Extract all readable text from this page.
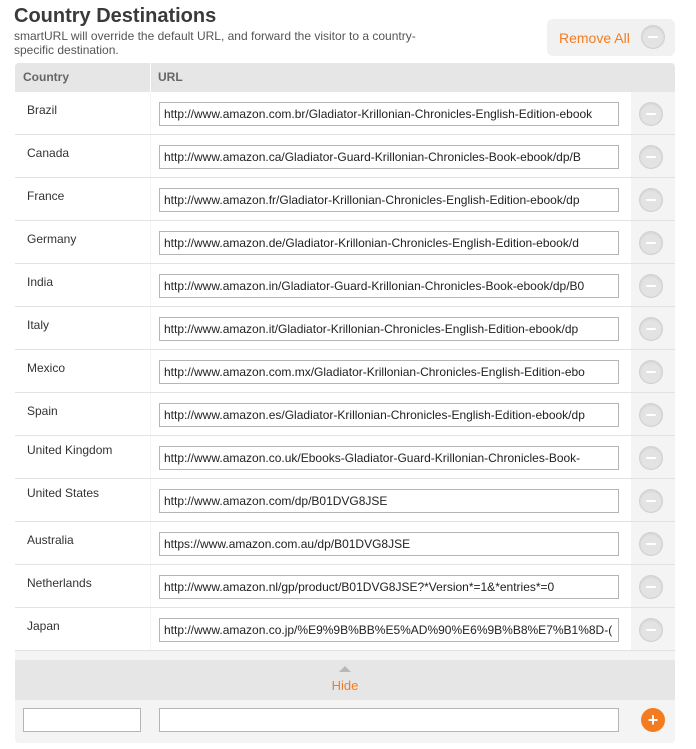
Country Destinations
smartURL will override the default URL, and forward the visitor to a country-specific destination.
Remove All
Country	URL
Brazil
http://www.amazon.com.br/Gladiator-Krillonian-Chronicles-English-Edition-ebook
Canada
http://www.amazon.ca/Gladiator-Guard-Krillonian-Chronicles-Book-ebook/dp/B
France
http://www.amazon.fr/Gladiator-Krillonian-Chronicles-English-Edition-ebook/dp
Germany
http://www.amazon.de/Gladiator-Krillonian-Chronicles-English-Edition-ebook/d
India
http://www.amazon.in/Gladiator-Guard-Krillonian-Chronicles-Book-ebook/dp/B0
Italy
http://www.amazon.it/Gladiator-Krillonian-Chronicles-English-Edition-ebook/dp
Mexico
http://www.amazon.com.mx/Gladiator-Krillonian-Chronicles-English-Edition-ebo
Spain
http://www.amazon.es/Gladiator-Krillonian-Chronicles-English-Edition-ebook/dp
United Kingdom
http://www.amazon.co.uk/Ebooks-Gladiator-Guard-Krillonian-Chronicles-Book-
United States
http://www.amazon.com/dp/B01DVG8JSE
Australia
https://www.amazon.com.au/dp/B01DVG8JSE
Netherlands
http://www.amazon.nl/gp/product/B01DVG8JSE?*Version*=1&*entries*=0
Japan
http://www.amazon.co.jp/%E9%9B%BB%E5%AD%90%E6%9B%B8%E7%B1%8D-(
Hide
+
